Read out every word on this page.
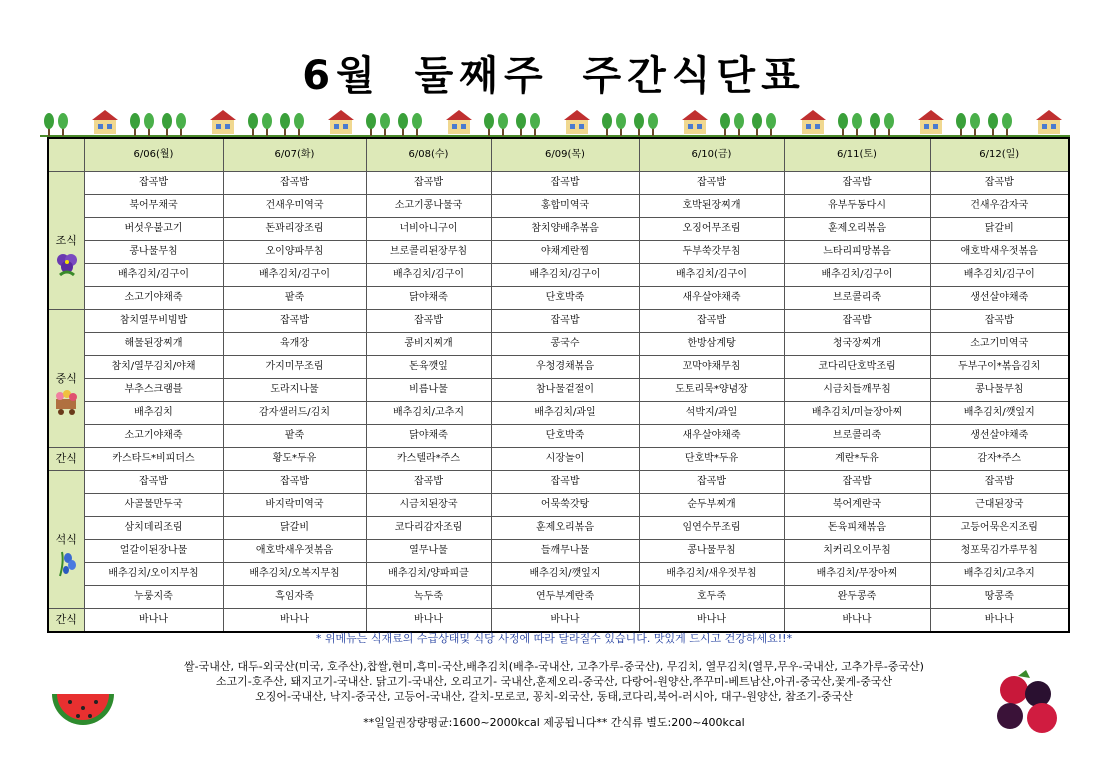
6월 둘째주 주간식단표
	6/06(월)	6/07(화)	6/08(수)	6/09(목)	6/10(금)	6/11(토)	6/12(일)
조식	잡곡밥	잡곡밥	잡곡밥	잡곡밥	잡곡밥	잡곡밥	잡곡밥
	북어무채국	건새우미역국	소고기콩나물국	홍합미역국	호박된장찌개	유부두동다시	건새우감자국
	버섯우불고기	돈꽈리장조림	너비아니구이	참치양배추볶음	오징어무조림	훈제오리볶음	닭갈비
	콩나물무침	오이양파무침	브로콜리된장무침	야채계란찜	두부쑥갓무침	느타리피망볶음	애호박새우젓볶음
	배추김치/김구이	배추김치/김구이	배추김치/김구이	배추김치/김구이	배추김치/김구이	배추김치/김구이	배추김치/김구이
	소고기야채죽	팥죽	닭야채죽	단호박죽	새우살야채죽	브로콜리죽	생선살야채죽
중식	참치열무비빔밥	잡곡밥	잡곡밥	잡곡밥	잡곡밥	잡곡밥	잡곡밥
	해물된장찌개	육개장	콩비지찌개	콩국수	한방삼계탕	청국장찌개	소고기미역국
	참치/열무김치/야채	가지미무조림	돈육깻잎	우청경채볶음	꼬막야채무침	코다리단호박조림	두부구이*볶음김치
	부추스크램블	도라지나물	비름나물	참나물겉절이	도토리묵*양념장	시금치들깨무침	콩나물무침
	배추김치	감자샐러드/김치	배추김치/고추지	배추김치/과일	석박지/과일	배추김치/미늘장아찌	배추김치/깻잎지
	소고기야채죽	팥죽	닭야채죽	단호박죽	새우살야채죽	브로콜리죽	생선살야채죽
간식	카스타드*비피더스	황도*두유	카스텔라*주스	시장놀이	단호박*두유	계란*두유	감자*주스
석식	잡곡밥	잡곡밥	잡곡밥	잡곡밥	잡곡밥	잡곡밥	잡곡밥
	사골물만두국	바지락미역국	시금치된장국	어묵쑥갓탕	순두부찌개	북어계란국	근대된장국
	삼치데리조림	닭갈비	코다리감자조림	훈제오리볶음	임연수무조림	돈육피채볶음	고등어묵은지조림
	얼갈이된장나물	애호박새우젓볶음	열무나물	들깨무나물	콩나물무침	치커리오이무침	청포묵김가루무침
	배추김치/오이지무침	배추김치/오복지무침	배추김치/양파피클	배추김치/깻잎지	배추김치/새우젓무침	배추김치/무장아찌	배추김치/고추지
	누룽지죽	흑임자죽	녹두죽	연두부계란죽	호두죽	완두콩죽	땅콩죽
간식	바나나	바나나	바나나	바나나	바나나	바나나	바나나
* 위메뉴는 식재료의 수급상태및 식당 사정에 따라 달라질수 있습니다. 맛있게 드시고 건강하세요!!*
쌀-국내산, 대두-외국산(미국, 호주산),찹쌀,현미,흑미-국산,배추김치(배추-국내산, 고추가루-중국산), 무김치, 열무김치(열무,무우-국내산, 고추가루-중국산)
소고기-호주산, 돼지고기-국내산. 닭고기-국내산, 오리고기- 국내산,훈제오리-중국산, 다랑어-원양산,쭈꾸미-베트남산,아귀-중국산,꽃게-중국산
오징어-국내산, 낙지-중국산, 고등어-국내산, 갈치-모로코, 꽁치-외국산, 동태,코다리,북어-러시아, 대구-원양산, 참조기-중국산
**일일권장량평균:1600~2000kcal 제공됩니다** 간식류 별도:200~400kcal
